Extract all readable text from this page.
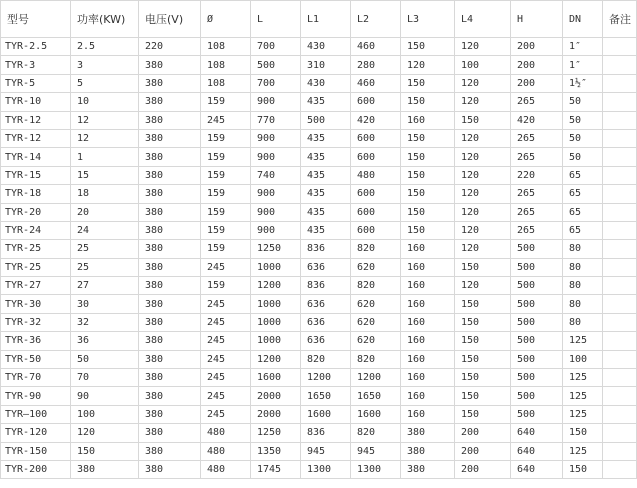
型号	功率(KW)	电压(V)	Ø	L	L1	L2	L3	L4	H	DN	备注
TYR-2.5	2.5	220	108	700	430	460	150	120	200	1″	
TYR-3	3	380	108	500	310	280	120	100	200	1″	
TYR-5	5	380	108	700	430	460	150	120	200	1½″	
TYR-10	10	380	159	900	435	600	150	120	265	50	
TYR-12	12	380	245	770	500	420	160	150	420	50	
TYR-12	12	380	159	900	435	600	150	120	265	50	
TYR-14	1	380	159	900	435	600	150	120	265	50	
TYR-15	15	380	159	740	435	480	150	120	220	65	
TYR-18	18	380	159	900	435	600	150	120	265	65	
TYR-20	20	380	159	900	435	600	150	120	265	65	
TYR-24	24	380	159	900	435	600	150	120	265	65	
TYR-25	25	380	159	1250	836	820	160	120	500	80	
TYR-25	25	380	245	1000	636	620	160	150	500	80	
TYR-27	27	380	159	1200	836	820	160	120	500	80	
TYR-30	30	380	245	1000	636	620	160	150	500	80	
TYR-32	32	380	245	1000	636	620	160	150	500	80	
TYR-36	36	380	245	1000	636	620	160	150	500	125	
TYR-50	50	380	245	1200	820	820	160	150	500	100	
TYR-70	70	380	245	1600	1200	1200	160	150	500	125	
TYR-90	90	380	245	2000	1650	1650	160	150	500	125	
TYR—100	100	380	245	2000	1600	1600	160	150	500	125	
TYR-120	120	380	480	1250	836	820	380	200	640	150	
TYR-150	150	380	480	1350	945	945	380	200	640	125	
TYR-200	380	380	480	1745	1300	1300	380	200	640	150	
